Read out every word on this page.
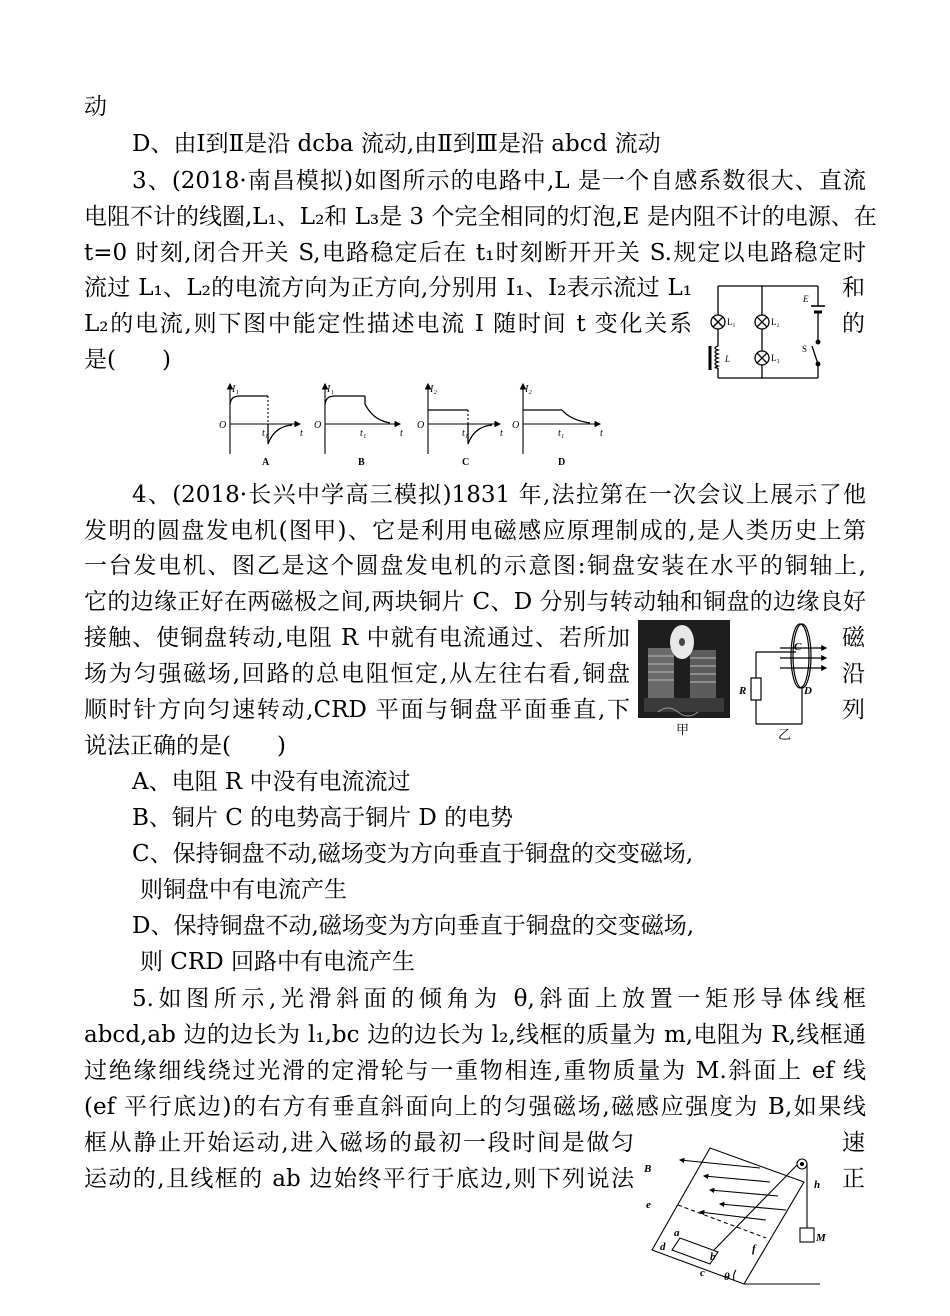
动
D、由Ⅰ到Ⅱ是沿 dcba 流动,由Ⅱ到Ⅲ是沿 abcd 流动
3、(2018·南昌模拟)如图所示的电路中,L 是一个自感系数很大、直流
电阻不计的线圈,L₁、L₂和 L₃是 3 个完全相同的灯泡,E 是内阻不计的电源、在
t=0 时刻,闭合开关 S,电路稳定后在 t₁时刻断开开关 S.规定以电路稳定时
流过 L₁、L₂的电流方向为正方向,分别用 I₁、I₂表示流过 L₁	和
L₂的电流,则下图中能定性描述电流 I 随时间 t 变化关系	的
是(　　)
4、(2018·长兴中学高三模拟)1831 年,法拉第在一次会议上展示了他
发明的圆盘发电机(图甲)、它是利用电磁感应原理制成的,是人类历史上第
一台发电机、图乙是这个圆盘发电机的示意图:铜盘安装在水平的铜轴上,
它的边缘正好在两磁极之间,两块铜片 C、D 分别与转动轴和铜盘的边缘良好
接触、使铜盘转动,电阻 R 中就有电流通过、若所加	磁
场为匀强磁场,回路的总电阻恒定,从左往右看,铜盘	沿
顺时针方向匀速转动,CRD 平面与铜盘平面垂直,下	列
说法正确的是(　　)
A、电阻 R 中没有电流流过
B、铜片 C 的电势高于铜片 D 的电势
C、保持铜盘不动,磁场变为方向垂直于铜盘的交变磁场,
则铜盘中有电流产生
D、保持铜盘不动,磁场变为方向垂直于铜盘的交变磁场,
则 CRD 回路中有电流产生
5.如图所示,光滑斜面的倾角为 θ,斜面上放置一矩形导体线框
abcd,ab 边的边长为 l₁,bc 边的边长为 l₂,线框的质量为 m,电阻为 R,线框通
过绝缘细线绕过光滑的定滑轮与一重物相连,重物质量为 M.斜面上 ef 线
(ef 平行底边)的右方有垂直斜面向上的匀强磁场,磁感应强度为 B,如果线
框从静止开始运动,进入磁场的最初一段时间是做匀	速
运动的,且线框的 ab 边始终平行于底边,则下列说法	正
L₁	L₂
L₃
E
S
L
I₁
O
t₁	t
A
I₁
O
t₁	t
B
I₂
O
t₁	t
C
I₂
O
t₁	t
D
甲
C
D
R
乙
B
e
f
a
b
c
d
h
M
θ
